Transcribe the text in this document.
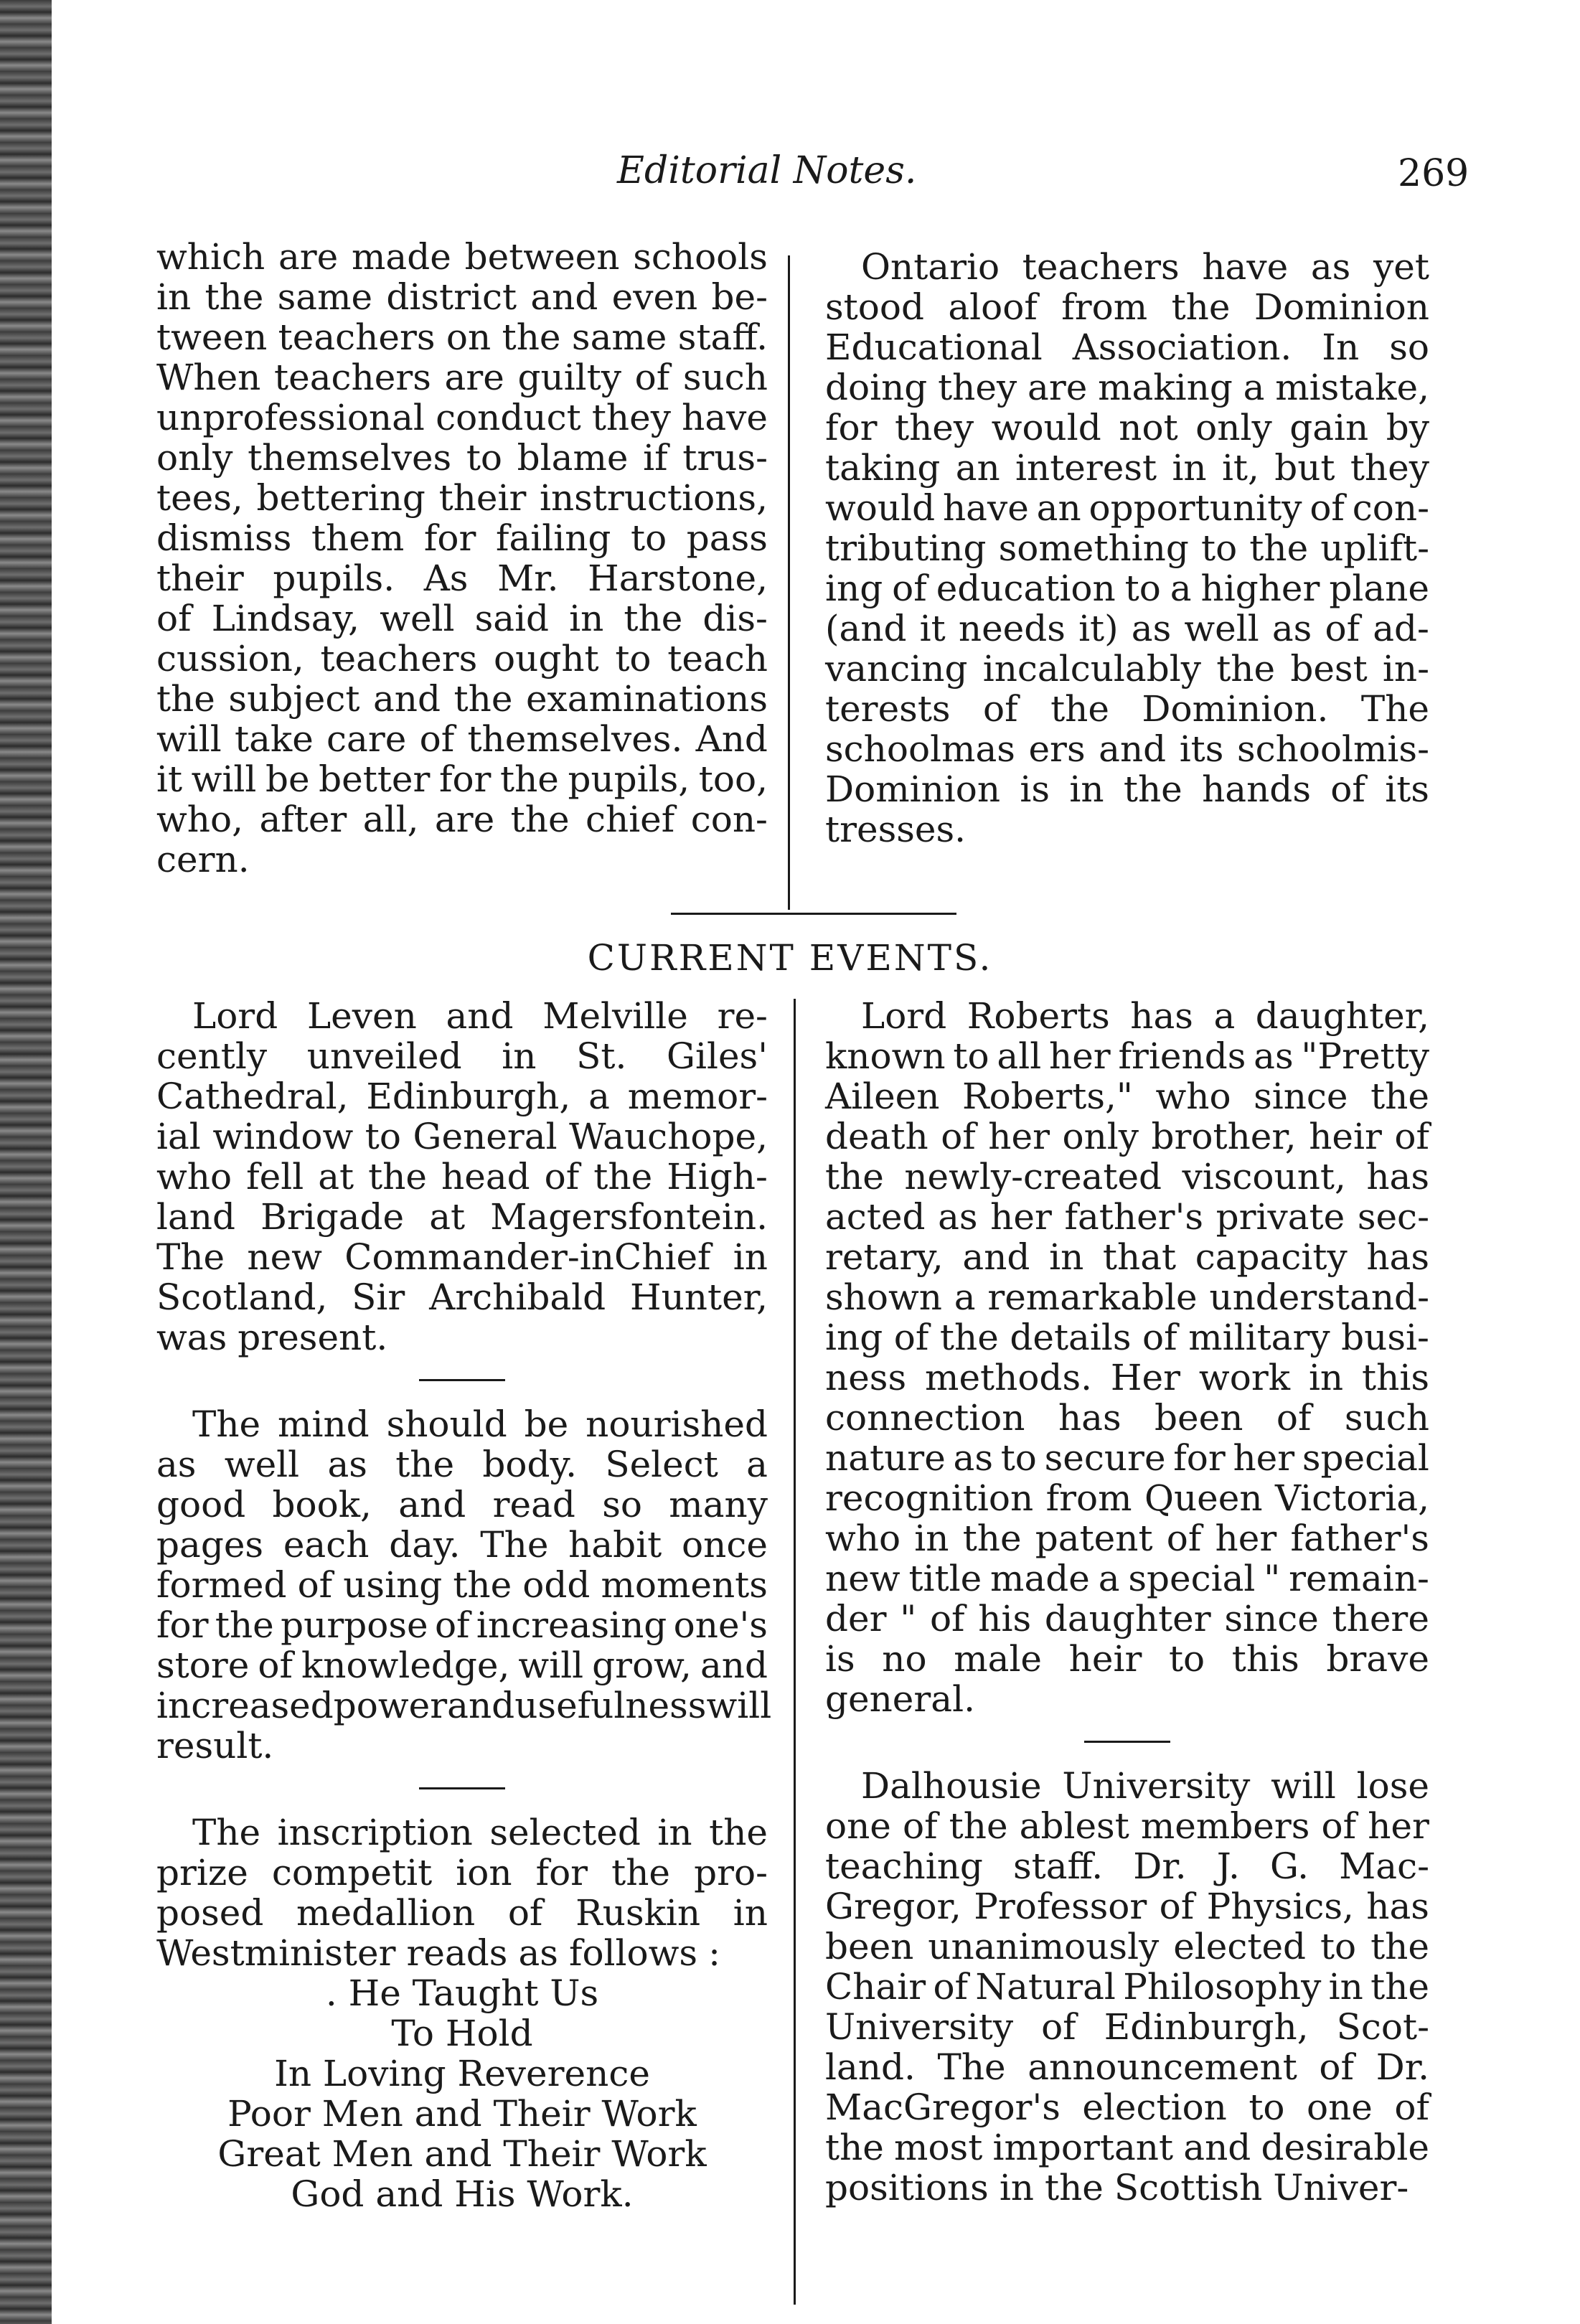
Editorial Notes.	269
which are made between schools
in the same district and even be-
tween teachers on the same staff.
When teachers are guilty of such
unprofessional conduct they have
only themselves to blame if trus-
tees, bettering their instructions,
dismiss them for failing to pass
their pupils. As Mr. Harstone,
of Lindsay, well said in the dis-
cussion, teachers ought to teach
the subject and the examinations
will take care of themselves. And
it will be better for the pupils, too,
who, after all, are the chief con-
cern.
Ontario teachers have as yet
stood aloof from the Dominion
Educational Association. In so
doing they are making a mistake,
for they would not only gain by
taking an interest in it, but they
would have an opportunity of con-
tributing something to the uplift-
ing of education to a higher plane
(and it needs it) as well as of ad-
vancing incalculably the best in-
terests of the Dominion. The
schoolmas ers and its schoolmis-
Dominion is in the hands of its
tresses.
CURRENT EVENTS.
Lord Leven and Melville re-
cently unveiled in St. Giles'
Cathedral, Edinburgh, a memor-
ial window to General Wauchope,
who fell at the head of the High-
land Brigade at Magersfontein.
The new Commander-inChief in
Scotland, Sir Archibald Hunter,
was present.
The mind should be nourished
as well as the body. Select a
good book, and read so many
pages each day. The habit once
formed of using the odd moments
for the purpose of increasing one's
store of knowledge, will grow, and
increased power and usefulness will
result.
The inscription selected in the
prize competit ion for the pro-
posed medallion of Ruskin in
Westminister reads as follows :
. He Taught Us
To Hold
In Loving Reverence
Poor Men and Their Work
Great Men and Their Work
God and His Work.
Lord Roberts has a daughter,
known to all her friends as "Pretty
Aileen Roberts," who since the
death of her only brother, heir of
the newly-created viscount, has
acted as her father's private sec-
retary, and in that capacity has
shown a remarkable understand-
ing of the details of military busi-
ness methods. Her work in this
connection has been of such
nature as to secure for her special
recognition from Queen Victoria,
who in the patent of her father's
new title made a special " remain-
der " of his daughter since there
is no male heir to this brave
general.
Dalhousie University will lose
one of the ablest members of her
teaching staff. Dr. J. G. Mac-
Gregor, Professor of Physics, has
been unanimously elected to the
Chair of Natural Philosophy in the
University of Edinburgh, Scot-
land. The announcement of Dr.
MacGregor's election to one of
the most important and desirable
positions in the Scottish Univer-
